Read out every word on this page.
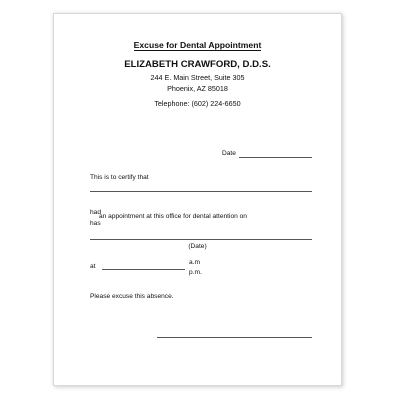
Excuse for Dental Appointment
ELIZABETH CRAWFORD, D.D.S.
244 E. Main Street, Suite 305
Phoenix, AZ 85018
Telephone: (602) 224-6650
Date
This is to certify that
had
an appointment at this office for dental attention on
has
(Date)
at
a.m
p.m.
Please excuse this absence.
